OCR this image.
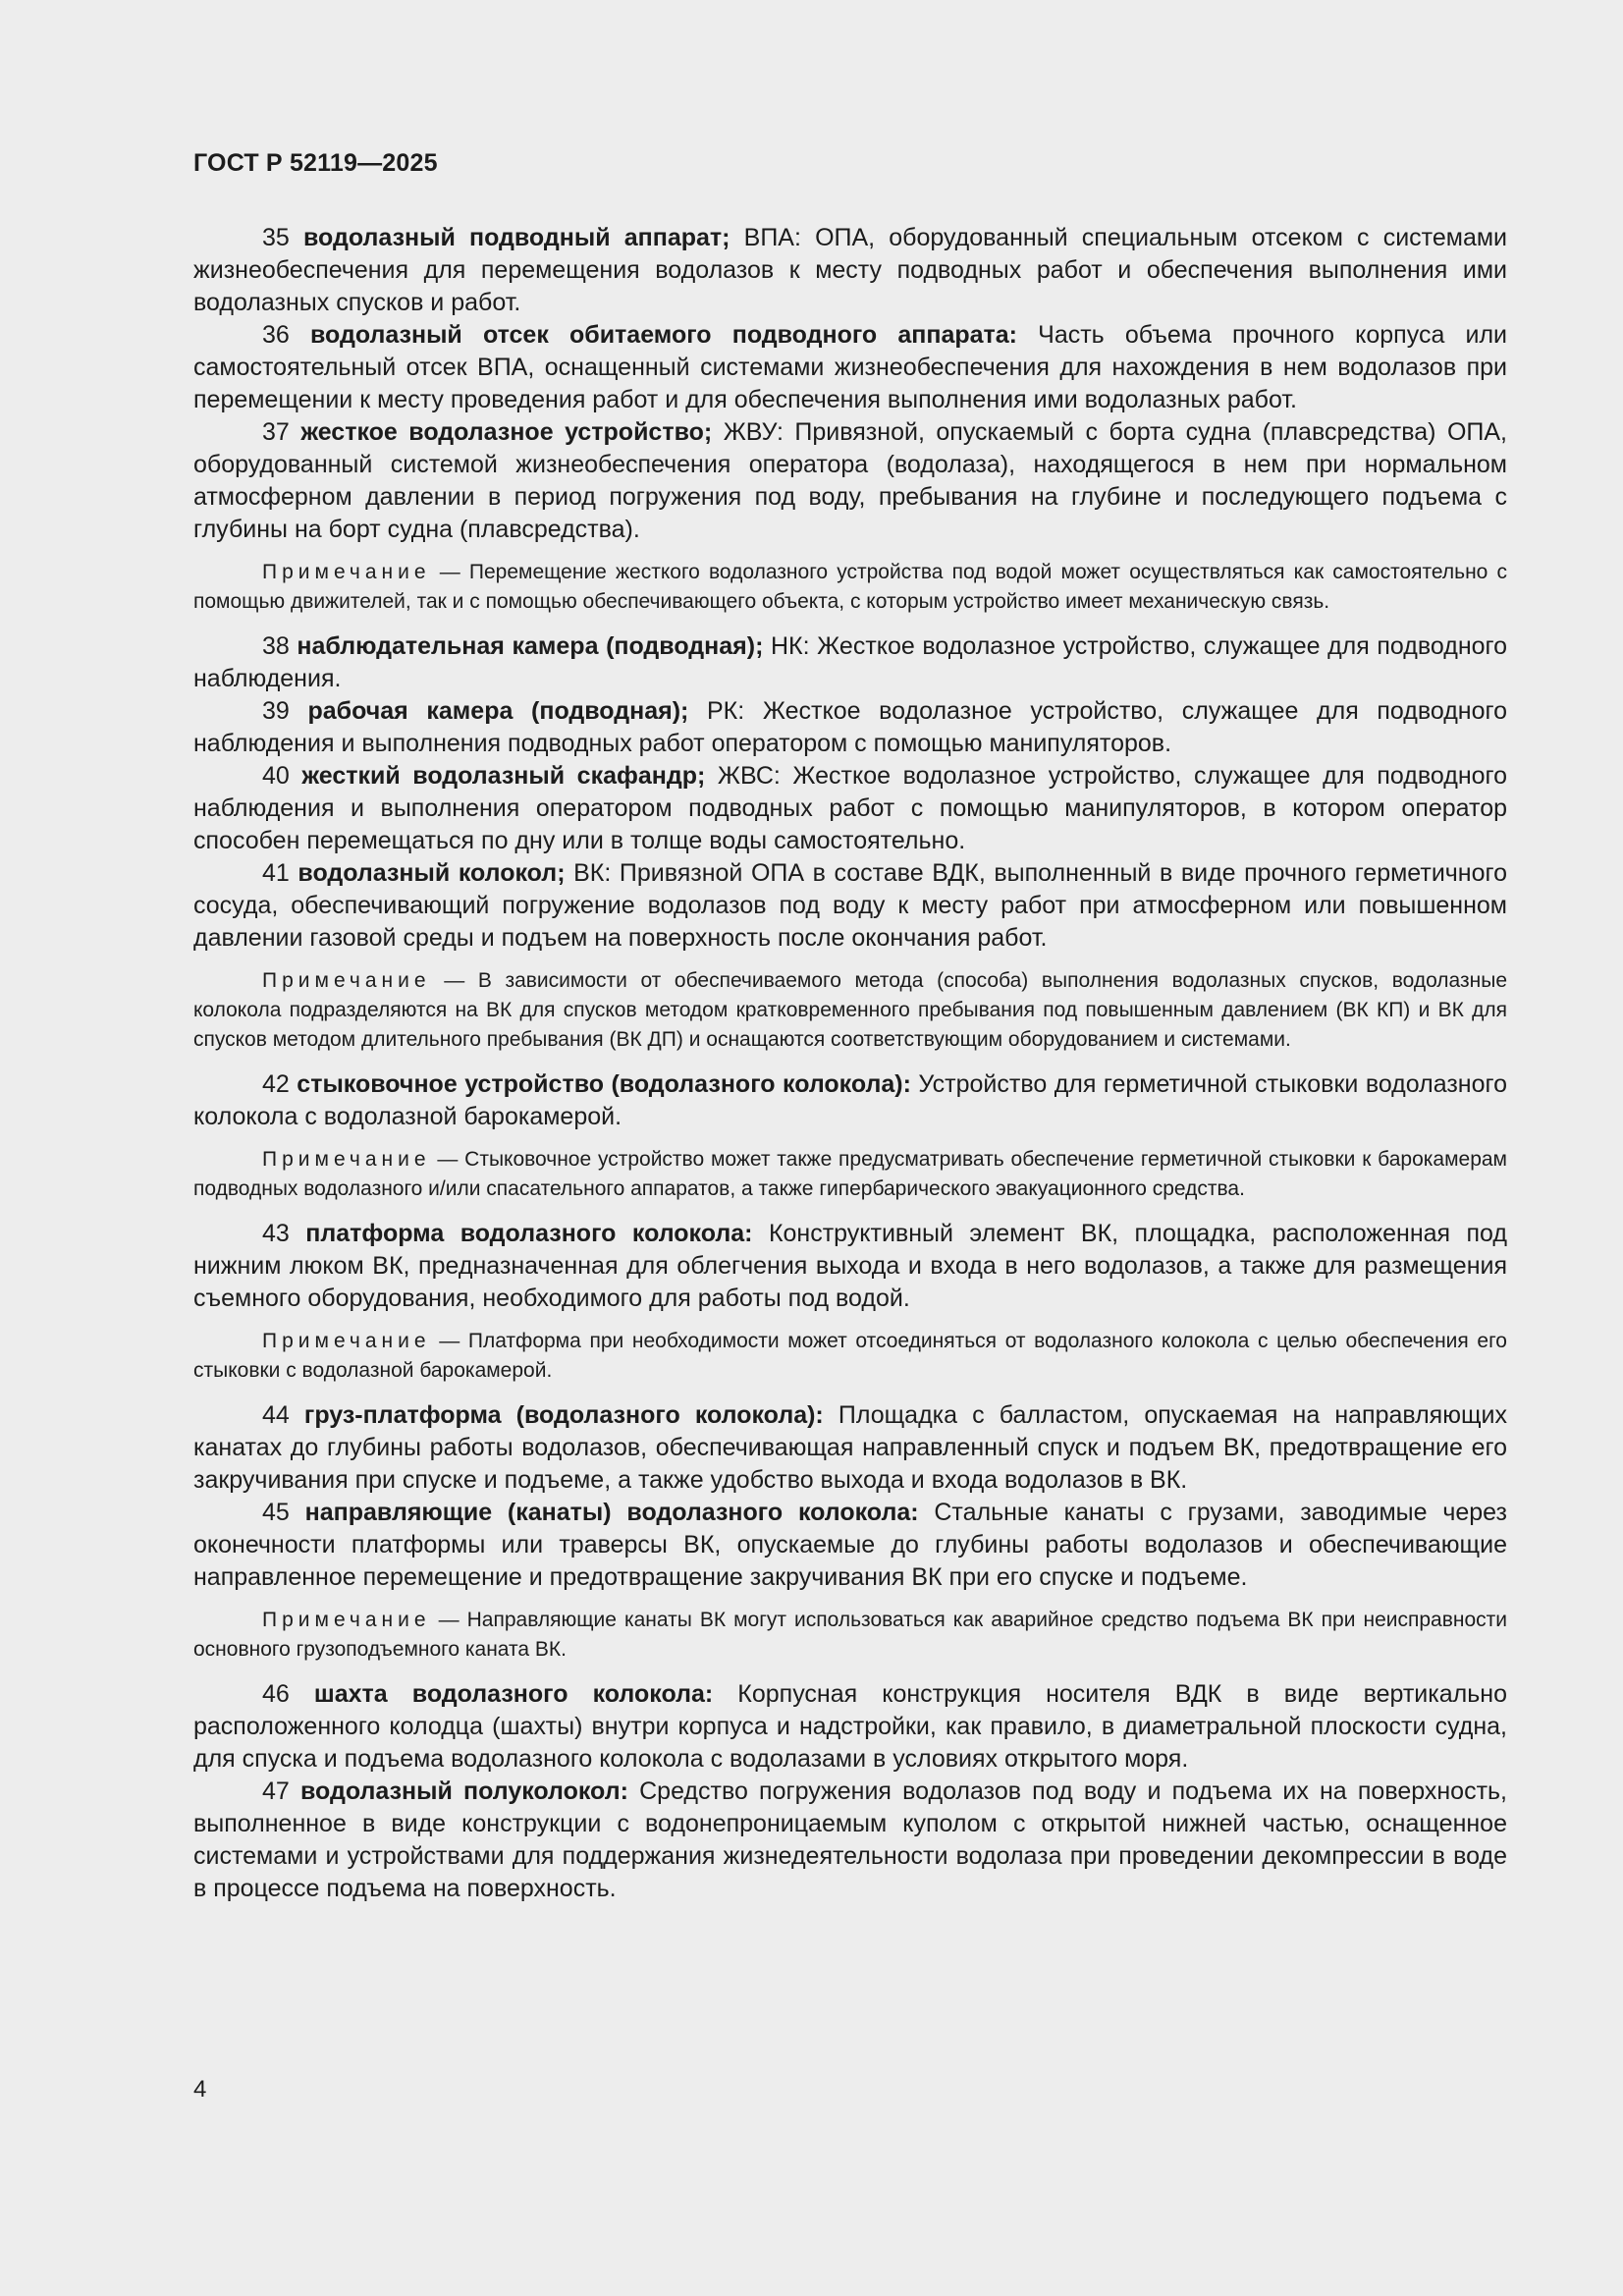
ГОСТ Р 52119—2025

35 водолазный подводный аппарат; ВПА: ОПА, оборудованный специальным отсеком с системами жизнеобеспечения для перемещения водолазов к месту подводных работ и обеспечения выполнения ими водолазных спусков и работ.

36 водолазный отсек обитаемого подводного аппарата: Часть объема прочного корпуса или самостоятельный отсек ВПА, оснащенный системами жизнеобеспечения для нахождения в нем водолазов при перемещении к месту проведения работ и для обеспечения выполнения ими водолазных работ.

37 жесткое водолазное устройство; ЖВУ: Привязной, опускаемый с борта судна (плавсредства) ОПА, оборудованный системой жизнеобеспечения оператора (водолаза), находящегося в нем при нормальном атмосферном давлении в период погружения под воду, пребывания на глубине и последующего подъема с глубины на борт судна (плавсредства).

Примечание — Перемещение жесткого водолазного устройства под водой может осуществляться как самостоятельно с помощью движителей, так и с помощью обеспечивающего объекта, с которым устройство имеет механическую связь.

38 наблюдательная камера (подводная); НК: Жесткое водолазное устройство, служащее для подводного наблюдения.

39 рабочая камера (подводная); РК: Жесткое водолазное устройство, служащее для подводного наблюдения и выполнения подводных работ оператором с помощью манипуляторов.

40 жесткий водолазный скафандр; ЖВС: Жесткое водолазное устройство, служащее для подводного наблюдения и выполнения оператором подводных работ с помощью манипуляторов, в котором оператор способен перемещаться по дну или в толще воды самостоятельно.

41 водолазный колокол; ВК: Привязной ОПА в составе ВДК, выполненный в виде прочного герметичного сосуда, обеспечивающий погружение водолазов под воду к месту работ при атмосферном или повышенном давлении газовой среды и подъем на поверхность после окончания работ.

Примечание — В зависимости от обеспечиваемого метода (способа) выполнения водолазных спусков, водолазные колокола подразделяются на ВК для спусков методом кратковременного пребывания под повышенным давлением (ВК КП) и ВК для спусков методом длительного пребывания (ВК ДП) и оснащаются соответствующим оборудованием и системами.

42 стыковочное устройство (водолазного колокола): Устройство для герметичной стыковки водолазного колокола с водолазной барокамерой.

Примечание — Стыковочное устройство может также предусматривать обеспечение герметичной стыковки к барокамерам подводных водолазного и/или спасательного аппаратов, а также гипербарического эвакуационного средства.

43 платформа водолазного колокола: Конструктивный элемент ВК, площадка, расположенная под нижним люком ВК, предназначенная для облегчения выхода и входа в него водолазов, а также для размещения съемного оборудования, необходимого для работы под водой.

Примечание — Платформа при необходимости может отсоединяться от водолазного колокола с целью обеспечения его стыковки с водолазной барокамерой.

44 груз-платформа (водолазного колокола): Площадка с балластом, опускаемая на направляющих канатах до глубины работы водолазов, обеспечивающая направленный спуск и подъем ВК, предотвращение его закручивания при спуске и подъеме, а также удобство выхода и входа водолазов в ВК.

45 направляющие (канаты) водолазного колокола: Стальные канаты с грузами, заводимые через оконечности платформы или траверсы ВК, опускаемые до глубины работы водолазов и обеспечивающие направленное перемещение и предотвращение закручивания ВК при его спуске и подъеме.

Примечание — Направляющие канаты ВК могут использоваться как аварийное средство подъема ВК при неисправности основного грузоподъемного каната ВК.

46 шахта водолазного колокола: Корпусная конструкция носителя ВДК в виде вертикально расположенного колодца (шахты) внутри корпуса и надстройки, как правило, в диаметральной плоскости судна, для спуска и подъема водолазного колокола с водолазами в условиях открытого моря.

47 водолазный полуколокол: Средство погружения водолазов под воду и подъема их на поверхность, выполненное в виде конструкции с водонепроницаемым куполом с открытой нижней частью, оснащенное системами и устройствами для поддержания жизнедеятельности водолаза при проведении декомпрессии в воде в процессе подъема на поверхность.

4
